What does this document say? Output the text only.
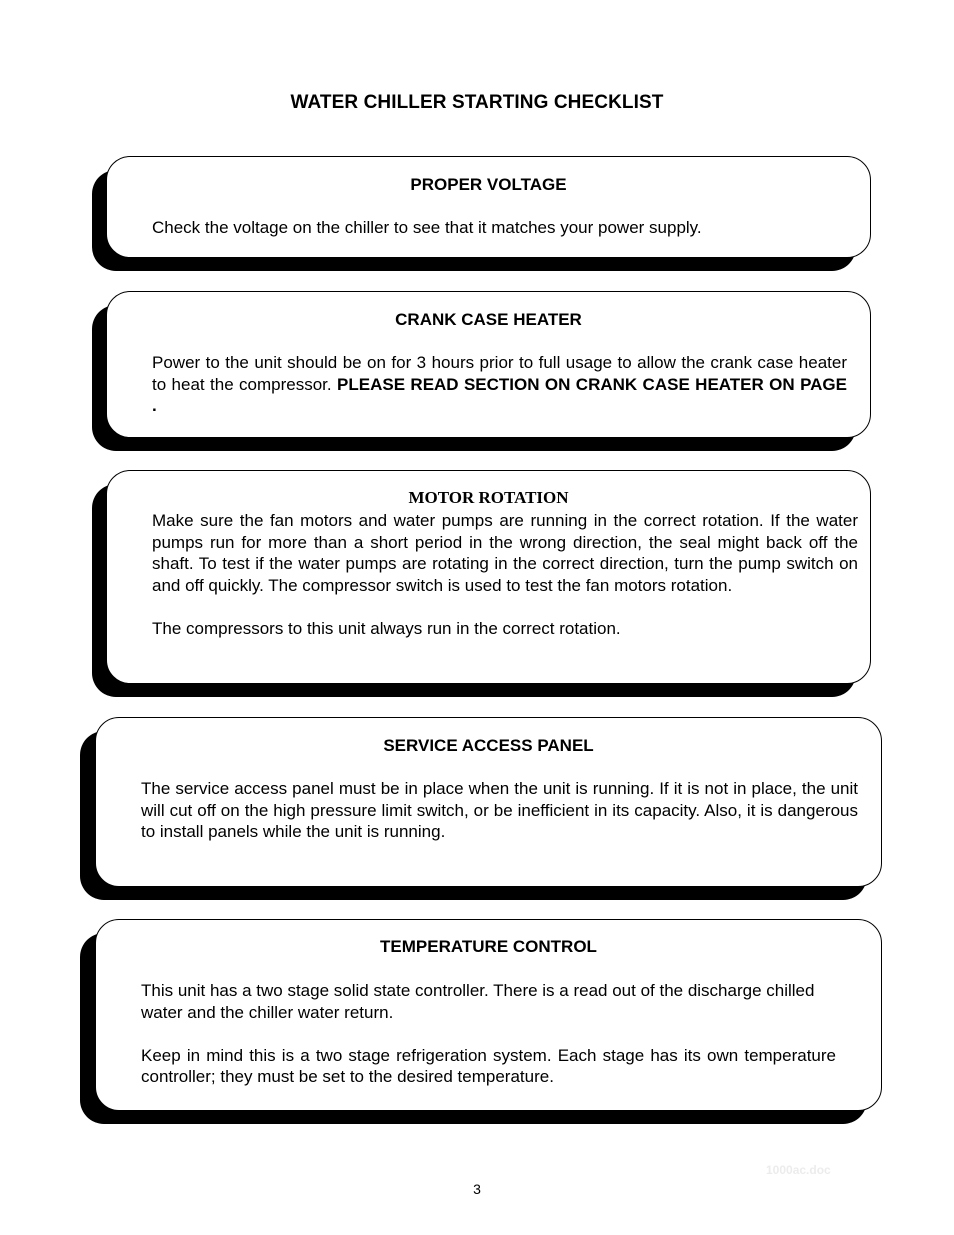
WATER CHILLER STARTING CHECKLIST
PROPER VOLTAGE

Check the voltage on the chiller to see that it matches your power supply.

CRANK CASE HEATER

Power to the unit should be on for 3 hours prior to full usage to allow the crank case heater to heat the compressor. PLEASE READ SECTION ON CRANK CASE HEATER ON PAGE .

MOTOR ROTATION

Make sure the fan motors and water pumps are running in the correct rotation. If the water pumps run for more than a short period in the wrong direction, the seal might back off the shaft. To test if the water pumps are rotating in the correct direction, turn the pump switch on and off quickly. The compressor switch is used to test the fan motors rotation.

The compressors to this unit always run in the correct rotation.

SERVICE ACCESS PANEL

The service access panel must be in place when the unit is running. If it is not in place, the unit will cut off on the high pressure limit switch, or be inefficient in its capacity. Also, it is dangerous to install panels while the unit is running.

TEMPERATURE CONTROL

This unit has a two stage solid state controller. There is a read out of the discharge chilled water and the chiller water return.

Keep in mind this is a two stage refrigeration system. Each stage has its own temperature controller; they must be set to the desired temperature.

1000ac.doc
3
